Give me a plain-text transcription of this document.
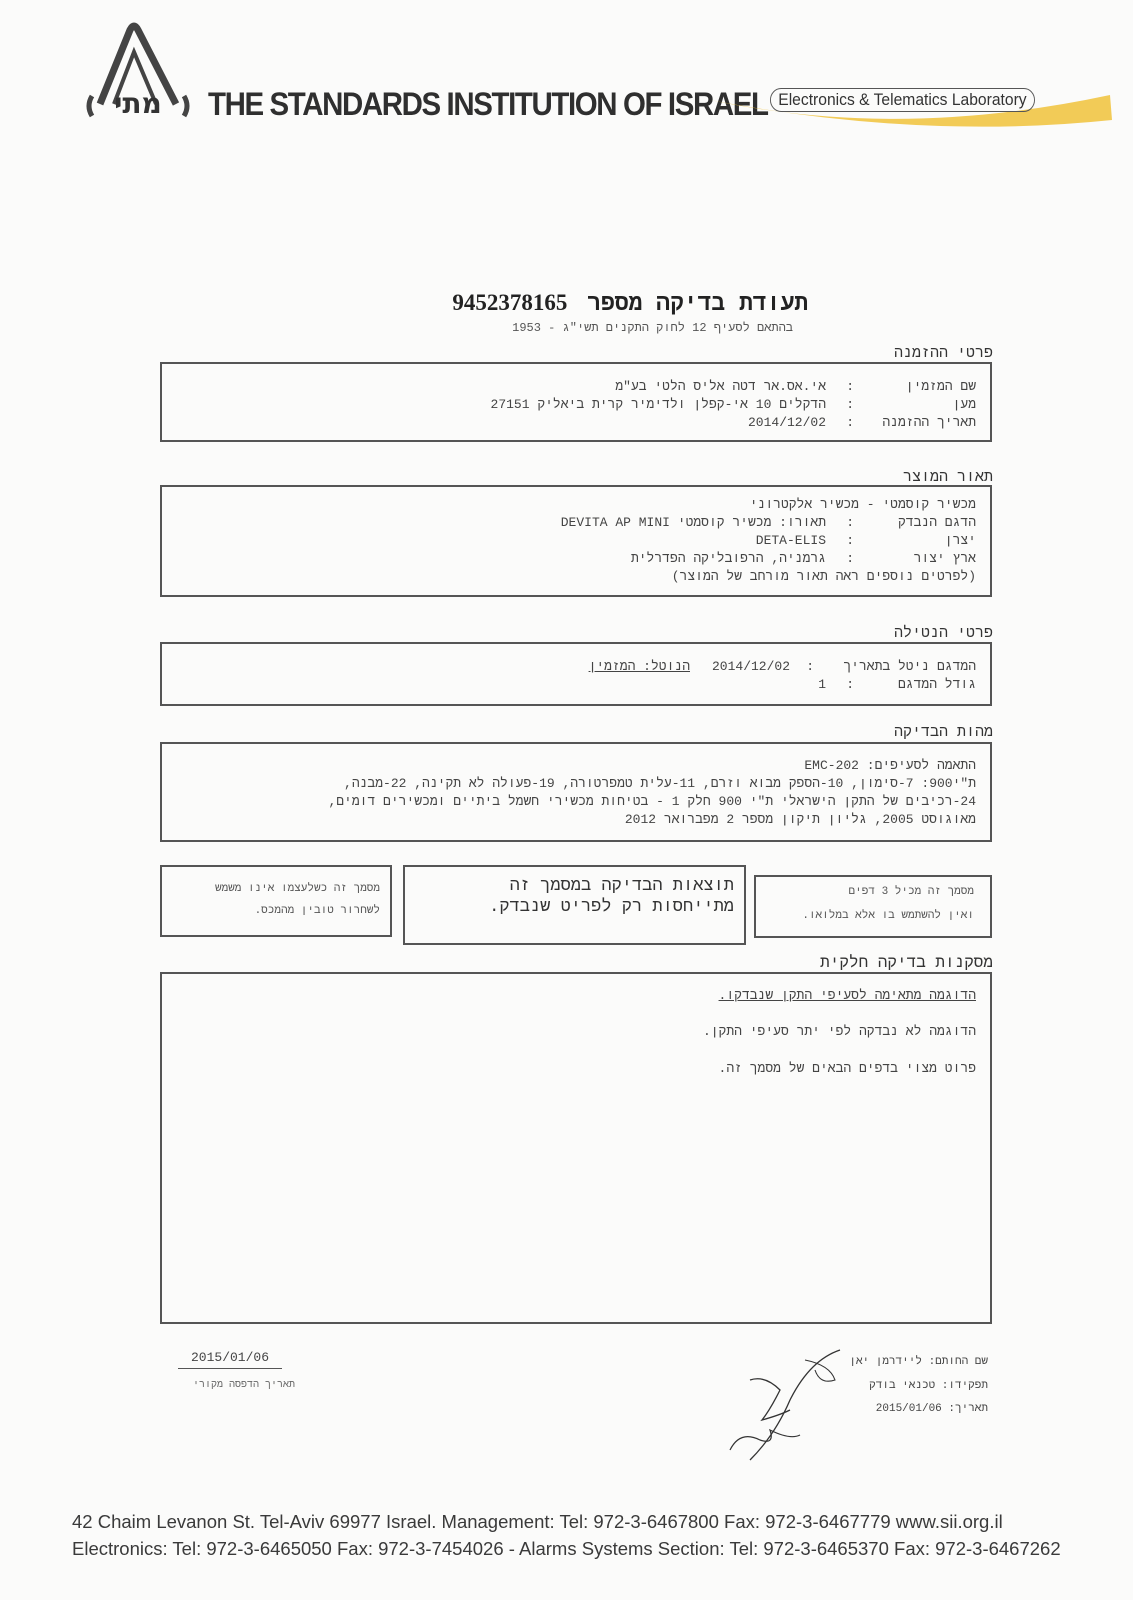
מתי	THE STANDARDS INSTITUTION OF ISRAEL Electronics & Telematics Laboratory
תעודת בדיקה מספר 9452378165
בהתאם לסעיף 12 לחוק התקנים תשי"ג - 1953
פרטי ההזמנה
שם המזמין
:
אי.אס.אר דטה אליס הלטי בע"מ
מען
:
הדקלים 10 אי-קפלן ולדימיר קרית ביאליק 27151
תאריך ההזמנה
:
2014/12/02
תאור המוצר
מכשיר קוסמטי - מכשיר אלקטרוני
הדגם הנבדק
:
DEVITA AP MINI תאורו: מכשיר קוסמטי
יצרן
:
DETA-ELIS
ארץ יצור
:
גרמניה, הרפובליקה הפדרלית
(לפרטים נוספים ראה תאור מורחב של המוצר)
פרטי הנטילה
המדגם ניטל בתאריך
:
2014/12/02
הנוטל: המזמין
גודל המדגם
:
1
מהות הבדיקה
התאמה לסעיפים: EMC-202
ת"י900: 7-סימון, 10-הספק מבוא וזרם, 11-עלית טמפרטורה, 19-פעולה לא תקינה, 22-מבנה,
24-רכיבים של התקן הישראלי ת"י 900 חלק 1 - בטיחות מכשירי חשמל ביתיים ומכשירים דומים,
מאוגוסט 2005, גליון תיקון מספר 2 מפברואר 2012
מסמך זה כשלעצמו אינו משמש
לשחרור טובין מהמכס.
תוצאות הבדיקה במסמך זה
מתייחסות רק לפריט שנבדק.
מסמך זה מכיל 3 דפים
ואין להשתמש בו אלא במלואו.
מסקנות בדיקה חלקית
הדוגמה מתאימה לסעיפי התקן שנבדקו.
הדוגמה לא נבדקה לפי יתר סעיפי התקן.
פרוט מצוי בדפים הבאים של מסמך זה.
2015/01/06
תאריך הדפסה מקורי
שם החותם: ליידרמן יאן
תפקידו: טכנאי בודק
תאריך: 2015/01/06
42 Chaim Levanon St. Tel-Aviv 69977 Israel. Management: Tel: 972-3-6467800 Fax: 972-3-6467779 www.sii.org.il
Electronics: Tel: 972-3-6465050 Fax: 972-3-7454026 - Alarms Systems Section: Tel: 972-3-6465370 Fax: 972-3-6467262
